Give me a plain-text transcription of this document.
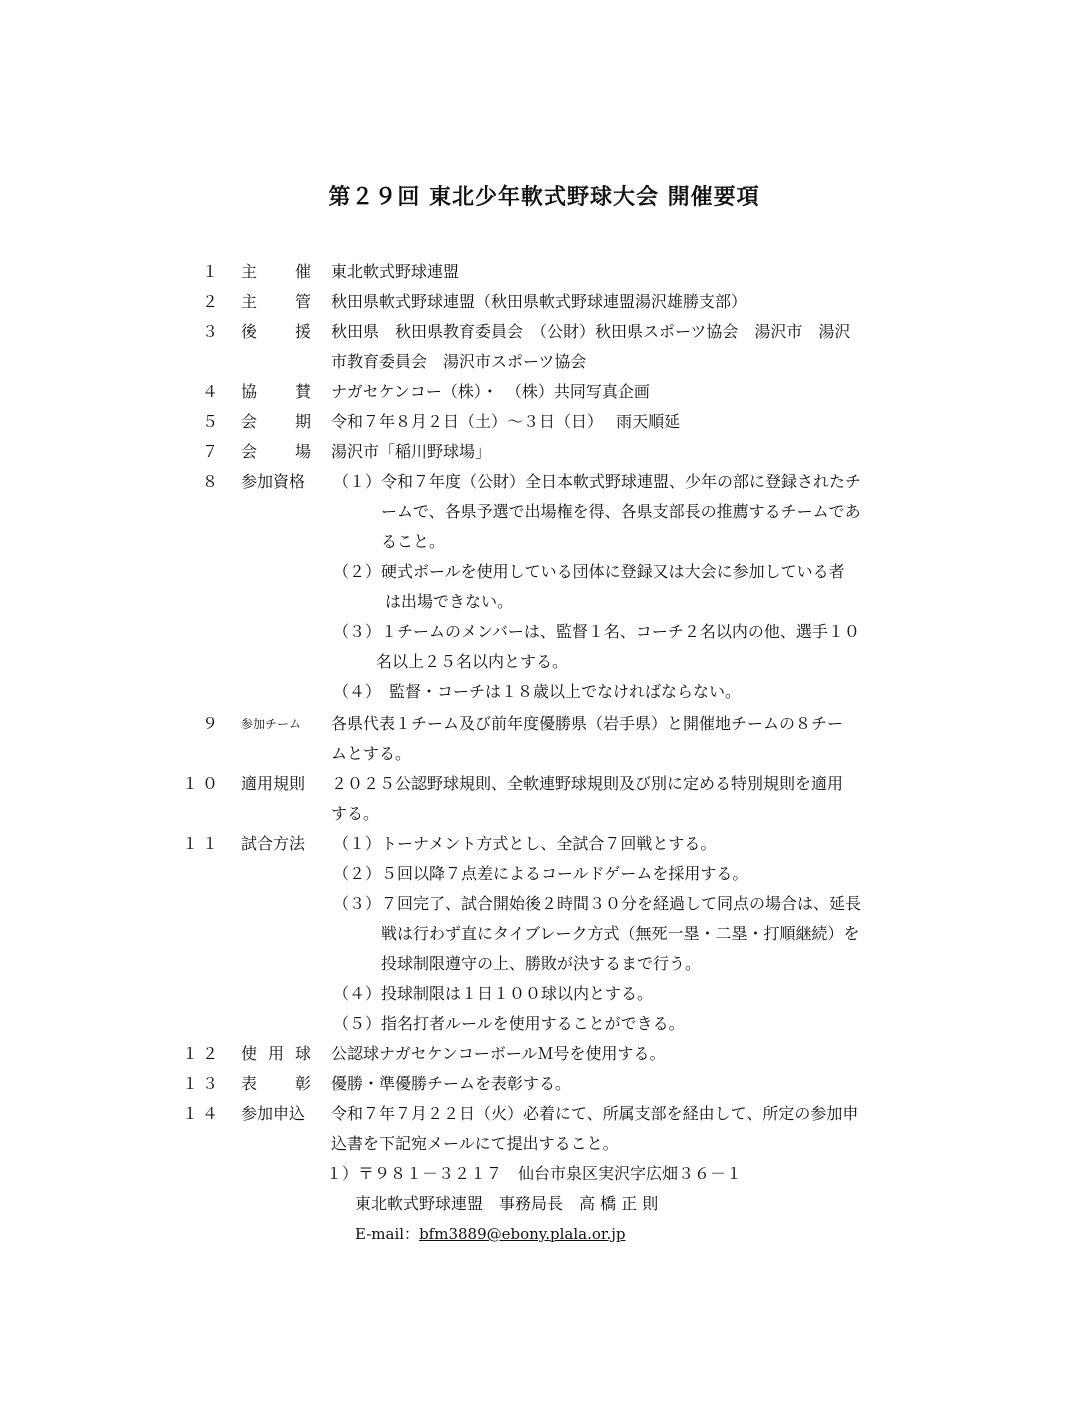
第２９回 東北少年軟式野球大会 開催要項
１ 主 催 東北軟式野球連盟
２ 主 管 秋田県軟式野球連盟（秋田県軟式野球連盟湯沢雄勝支部）
３ 後 援 秋田県　秋田県教育委員会　（公財）秋田県スポーツ協会　湯沢市　湯沢
市教育委員会　湯沢市スポーツ協会
４ 協 賛 ナガセケンコー（株）・　（株）共同写真企画
５ 会 期 令和７年８月２日（土）～３日（日）　 雨天順延
７ 会 場 湯沢市「稲川野球場」
８ 参加資格 （１）令和７年度（公財）全日本軟式野球連盟、少年の部に登録されたチ
ームで、各県予選で出場権を得、各県支部長の推薦するチームであ
ること。
（２）硬式ボールを使用している団体に登録又は大会に参加している者
は出場できない。
（３）１チームのメンバーは、監督１名、コーチ２名以内の他、選手１０
名以上２５名以内とする。
（４）　監督・コーチは１８歳以上でなければならない。
９ 参加チーム 各県代表１チーム及び前年度優勝県（岩手県）と開催地チームの８チー
ムとする。
１０ 適用規則 ２０２５公認野球規則、全軟連野球規則及び別に定める特別規則を適用
する。
１１ 試合方法 （１）トーナメント方式とし、全試合７回戦とする。
（２）５回以降７点差によるコールドゲームを採用する。
（３）７回完了、試合開始後２時間３０分を経過して同点の場合は、延長
戦は行わず直にタイブレーク方式（無死一塁・二塁・打順継続）を
投球制限遵守の上、勝敗が決するまで行う。
（４）投球制限は１日１００球以内とする。
（５）指名打者ルールを使用することができる。
１２ 使 用 球 公認球ナガセケンコーボールＭ号を使用する。
１３ 表 彰 優勝・準優勝チームを表彰する。
１４ 参加申込 令和７年７月２２日（火）必着にて、所属支部を経由して、所定の参加申
込書を下記宛メールにて提出すること。
１）〒９８１－３２１７　仙台市泉区実沢字広畑３６－１
東北軟式野球連盟　事務局長　高 橋 正 則
E-mail：bfm3889@ebony.plala.or.jp
